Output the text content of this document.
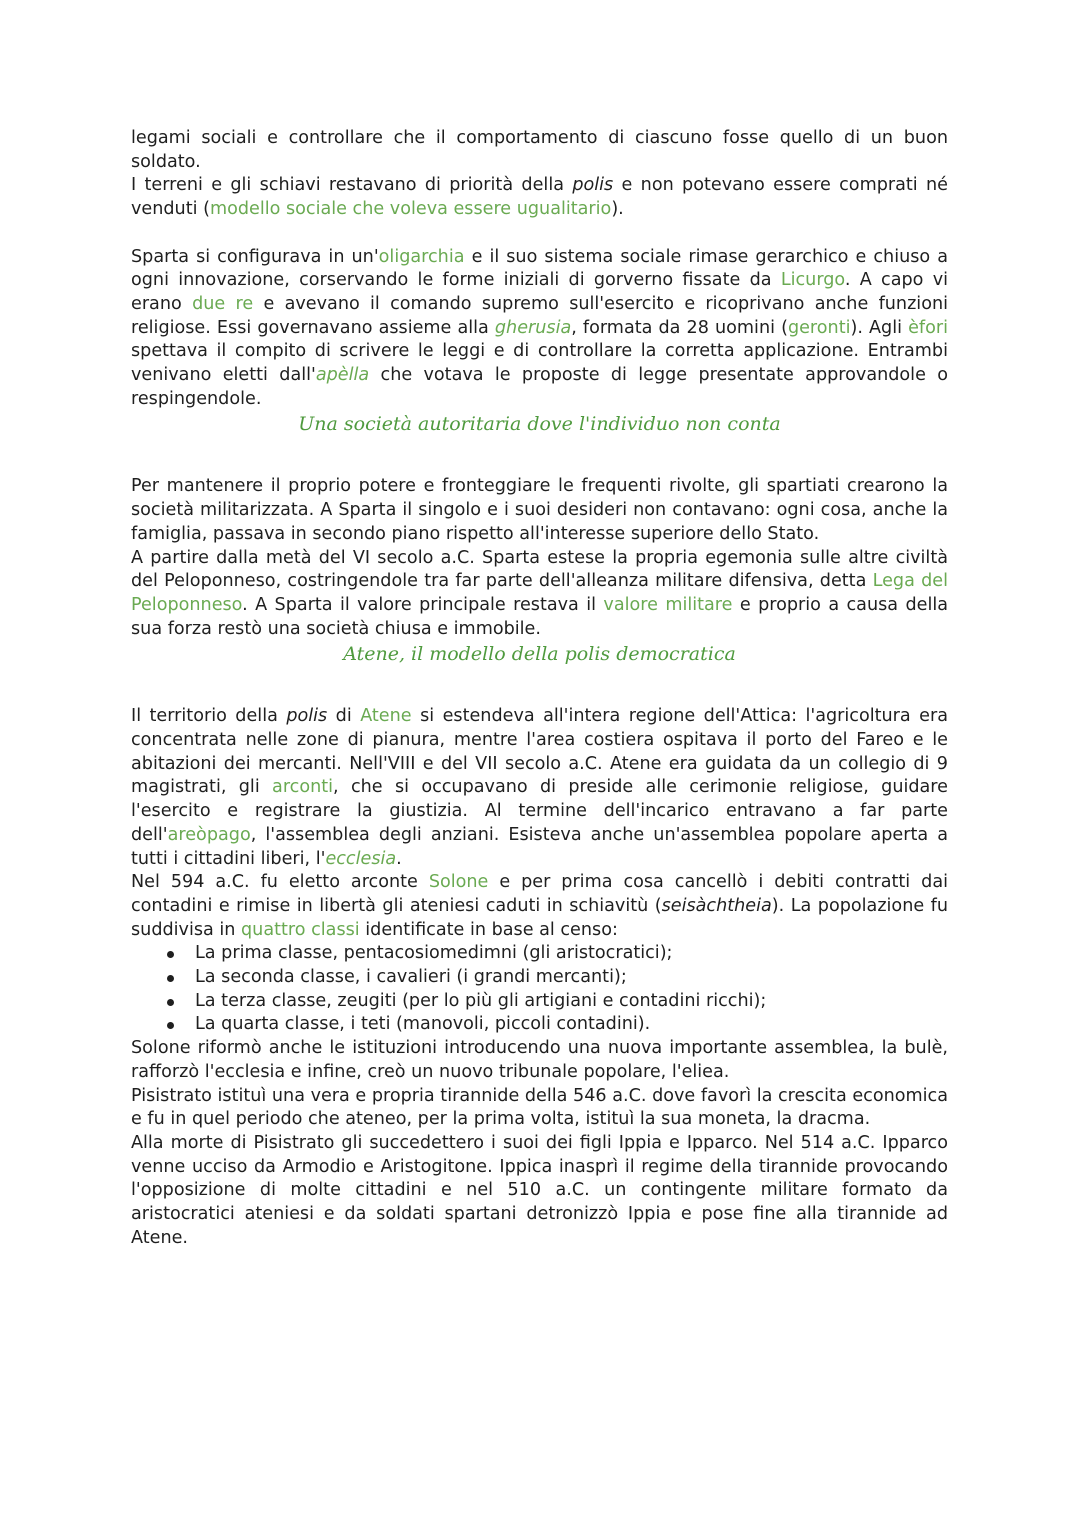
legami sociali e controllare che il comportamento di ciascuno fosse quello di un buon soldato.

I terreni e gli schiavi restavano di priorità della polis e non potevano essere comprati né venduti (modello sociale che voleva essere ugualitario).

Sparta si configurava in un'oligarchia e il suo sistema sociale rimase gerarchico e chiuso a ogni innovazione, corservando le forme iniziali di gorverno fissate da Licurgo. A capo vi erano due re e avevano il comando supremo sull'esercito e ricoprivano anche funzioni religiose. Essi governavano assieme alla gherusia, formata da 28 uomini (geronti). Agli èfori spettava il compito di scrivere le leggi e di controllare la corretta applicazione. Entrambi venivano eletti dall'apèlla che votava le proposte di legge presentate approvandole o respingendole.

Una società autoritaria dove l'individuo non conta

Per mantenere il proprio potere e fronteggiare le frequenti rivolte, gli spartiati crearono la società militarizzata. A Sparta il singolo e i suoi desideri non contavano: ogni cosa, anche la famiglia, passava in secondo piano rispetto all'interesse superiore dello Stato.

A partire dalla metà del VI secolo a.C. Sparta estese la propria egemonia sulle altre civiltà del Peloponneso, costringendole tra far parte dell'alleanza militare difensiva, detta Lega del Peloponneso. A Sparta il valore principale restava il valore militare e proprio a causa della sua forza restò una società chiusa e immobile.

Atene, il modello della polis democratica

Il territorio della polis di Atene si estendeva all'intera regione dell'Attica: l'agricoltura era concentrata nelle zone di pianura, mentre l'area costiera ospitava il porto del Fareo e le abitazioni dei mercanti. Nell'VIII e del VII secolo a.C. Atene era guidata da un collegio di 9 magistrati, gli arconti, che si occupavano di preside alle cerimonie religiose, guidare l'esercito e registrare la giustizia. Al termine dell'incarico entravano a far parte dell'areòpago, l'assemblea degli anziani. Esisteva anche un'assemblea popolare aperta a tutti i cittadini liberi, l'ecclesia.

Nel 594 a.C. fu eletto arconte Solone e per prima cosa cancellò i debiti contratti dai contadini e rimise in libertà gli ateniesi caduti in schiavitù (seisàchtheia). La popolazione fu suddivisa in quattro classi identificate in base al censo:

La prima classe, pentacosiomedimni (gli aristocratici);
La seconda classe, i cavalieri (i grandi mercanti);
La terza classe, zeugiti (per lo più gli artigiani e contadini ricchi);
La quarta classe, i teti (manovoli, piccoli contadini).

Solone riformò anche le istituzioni introducendo una nuova importante assemblea, la bulè, rafforzò l'ecclesia e infine, creò un nuovo tribunale popolare, l'eliea.

Pisistrato istituì una vera e propria tirannide della 546 a.C. dove favorì la crescita economica e fu in quel periodo che ateneo, per la prima volta, istituì la sua moneta, la dracma.

Alla morte di Pisistrato gli succedettero i suoi dei figli Ippia e Ipparco. Nel 514 a.C. Ipparco venne ucciso da Armodio e Aristogitone. Ippica inasprì il regime della tirannide provocando l'opposizione di molte cittadini e nel 510 a.C. un contingente militare formato da aristocratici ateniesi e da soldati spartani detronizzò Ippia e pose fine alla tirannide ad Atene.
